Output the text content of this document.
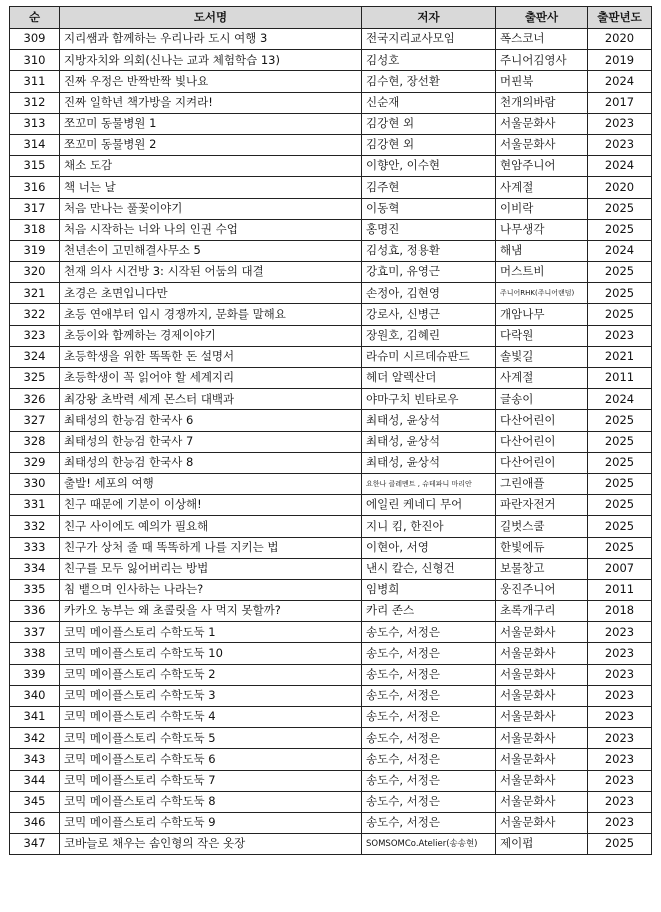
순	도서명	저자	출판사	출판년도
309	지리쌤과 함께하는 우리나라 도시 여행 3	전국지리교사모임	폭스코너	2020
310	지방자치와 의회(신나는 교과 체험학습 13)	김성호	주니어김영사	2019
311	진짜 우정은 반짝반짝 빛나요	김수현, 장선환	머핀북	2024
312	진짜 일학년 책가방을 지켜라!	신순재	천개의바람	2017
313	쪼꼬미 동물병원 1	김강현 외	서울문화사	2023
314	쪼꼬미 동물병원 2	김강현 외	서울문화사	2023
315	채소 도감	이향안, 이수현	현암주니어	2024
316	책 너는 날	김주현	사계절	2020
317	처음 만나는 풀꽃이야기	이동혁	이비락	2025
318	처음 시작하는 너와 나의 인권 수업	홍명진	나무생각	2025
319	천년손이 고민해결사무소 5	김성효, 정용환	해냄	2024
320	천재 의사 시건방 3: 시작된 어둠의 대결	강효미, 유영근	머스트비	2025
321	초경은 초면입니다만	손정아, 김현영	주니어RHK(주니어랜덤)	2025
322	초등 연애부터 입시 경쟁까지, 문화를 말해요	강로사, 신병근	개암나무	2025
323	초등이와 함께하는 경제이야기	장원호, 김혜린	다락원	2023
324	초등학생을 위한 똑똑한 돈 설명서	라슈미 시르데슈판드	솔빛길	2021
325	초등학생이 꼭 읽어야 할 세계지리	헤더 알렉산더	사계절	2011
326	최강왕 초박력 세계 몬스터 대백과	야마구치 빈타로우	글송이	2024
327	최태성의 한능검 한국사 6	최태성, 윤상석	다산어린이	2025
328	최태성의 한능검 한국사 7	최태성, 윤상석	다산어린이	2025
329	최태성의 한능검 한국사 8	최태성, 윤상석	다산어린이	2025
330	출발! 세포의 여행	요한나 클레멘트 , 슈테파니 마리안	그린애플	2025
331	친구 때문에 기분이 이상해!	에일린 케네디 무어	파란자전거	2025
332	친구 사이에도 예의가 필요해	지니 킴, 한진아	길벗스쿨	2025
333	친구가 상처 줄 때 똑똑하게 나를 지키는 법	이현아, 서영	한빛에듀	2025
334	친구를 모두 잃어버리는 방법	낸시 칼슨, 신형건	보물창고	2007
335	침 뱉으며 인사하는 나라는?	임병희	웅진주니어	2011
336	카카오 농부는 왜 초콜릿을 사 먹지 못할까?	카리 존스	초록개구리	2018
337	코믹 메이플스토리 수학도둑 1	송도수, 서정은	서울문화사	2023
338	코믹 메이플스토리 수학도둑 10	송도수, 서정은	서울문화사	2023
339	코믹 메이플스토리 수학도둑 2	송도수, 서정은	서울문화사	2023
340	코믹 메이플스토리 수학도둑 3	송도수, 서정은	서울문화사	2023
341	코믹 메이플스토리 수학도둑 4	송도수, 서정은	서울문화사	2023
342	코믹 메이플스토리 수학도둑 5	송도수, 서정은	서울문화사	2023
343	코믹 메이플스토리 수학도둑 6	송도수, 서정은	서울문화사	2023
344	코믹 메이플스토리 수학도둑 7	송도수, 서정은	서울문화사	2023
345	코믹 메이플스토리 수학도둑 8	송도수, 서정은	서울문화사	2023
346	코믹 메이플스토리 수학도둑 9	송도수, 서정은	서울문화사	2023
347	코바늘로 채우는 솜인형의 작은 옷장	SOMSOMCo.Atelier(송송현)	제이펍	2025
